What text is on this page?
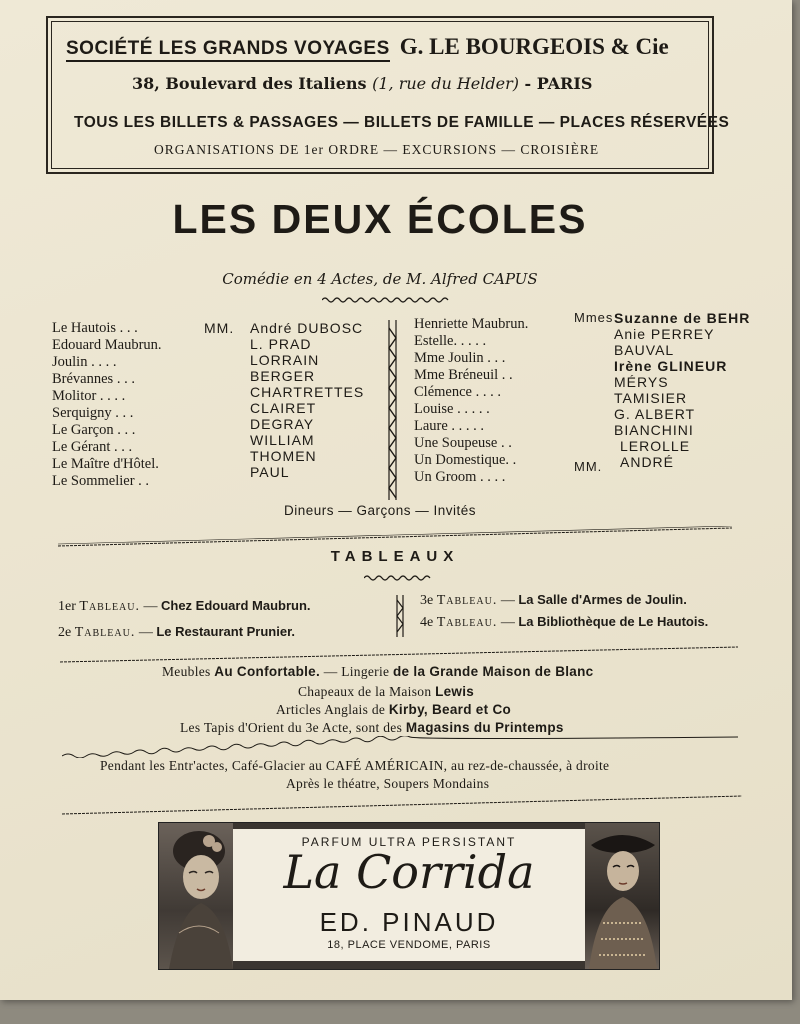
SOCIÉTÉ LES GRANDS VOYAGES G. LE BOURGEOIS & Cie
38, Boulevard des Italiens (1, rue du Helder) - PARIS
TOUS LES BILLETS & PASSAGES — BILLETS DE FAMILLE — PLACES RÉSERVÉES
ORGANISATIONS DE 1er ORDRE — EXCURSIONS — CROISIÈRE
LES DEUX ÉCOLES
Comédie en 4 Actes, de M. Alfred CAPUS
Le Hautois . . .
Edouard Maubrun.
Joulin . . . .
Brévannes . . .
Molitor . . . .
Serquigny . . .
Le Garçon . . .
Le Gérant . . .
Le Maître d'Hôtel.
Le Sommelier . .
MM. André DUBOSC
L. PRAD
LORRAIN
BERGER
CHARTRETTES
CLAIRET
DEGRAY
WILLIAM
THOMEN
PAUL
Henriette Maubrun.
Estelle. . . . .
Mme Joulin . . .
Mme Bréneuil . .
Clémence . . . .
Louise . . . . .
Laure . . . . .
Une Soupeuse . .
Un Domestique. .
Un Groom . . . .
Mmes
MM.
Suzanne de BEHR
Anie PERREY
BAUVAL
Irène GLINEUR
MÉRYS
TAMISIER
G. ALBERT
BIANCHINI
LEROLLE
ANDRÉ
Dineurs — Garçons — Invités
TABLEAUX
1er Tableau. — Chez Edouard Maubrun.
2e Tableau. — Le Restaurant Prunier.
3e Tableau. — La Salle d'Armes de Joulin.
4e Tableau. — La Bibliothèque de Le Hautois.
Meubles Au Confortable. — Lingerie de la Grande Maison de Blanc
Chapeaux de la Maison Lewis
Articles Anglais de Kirby, Beard et Co
Les Tapis d'Orient du 3e Acte, sont des Magasins du Printemps
Pendant les Entr'actes, Café-Glacier au CAFÉ AMÉRICAIN, au rez-de-chaussée, à droite
Après le théatre, Soupers Mondains
PARFUM ULTRA PERSISTANT
La Corrida
ED. PINAUD
18, PLACE VENDOME, PARIS
